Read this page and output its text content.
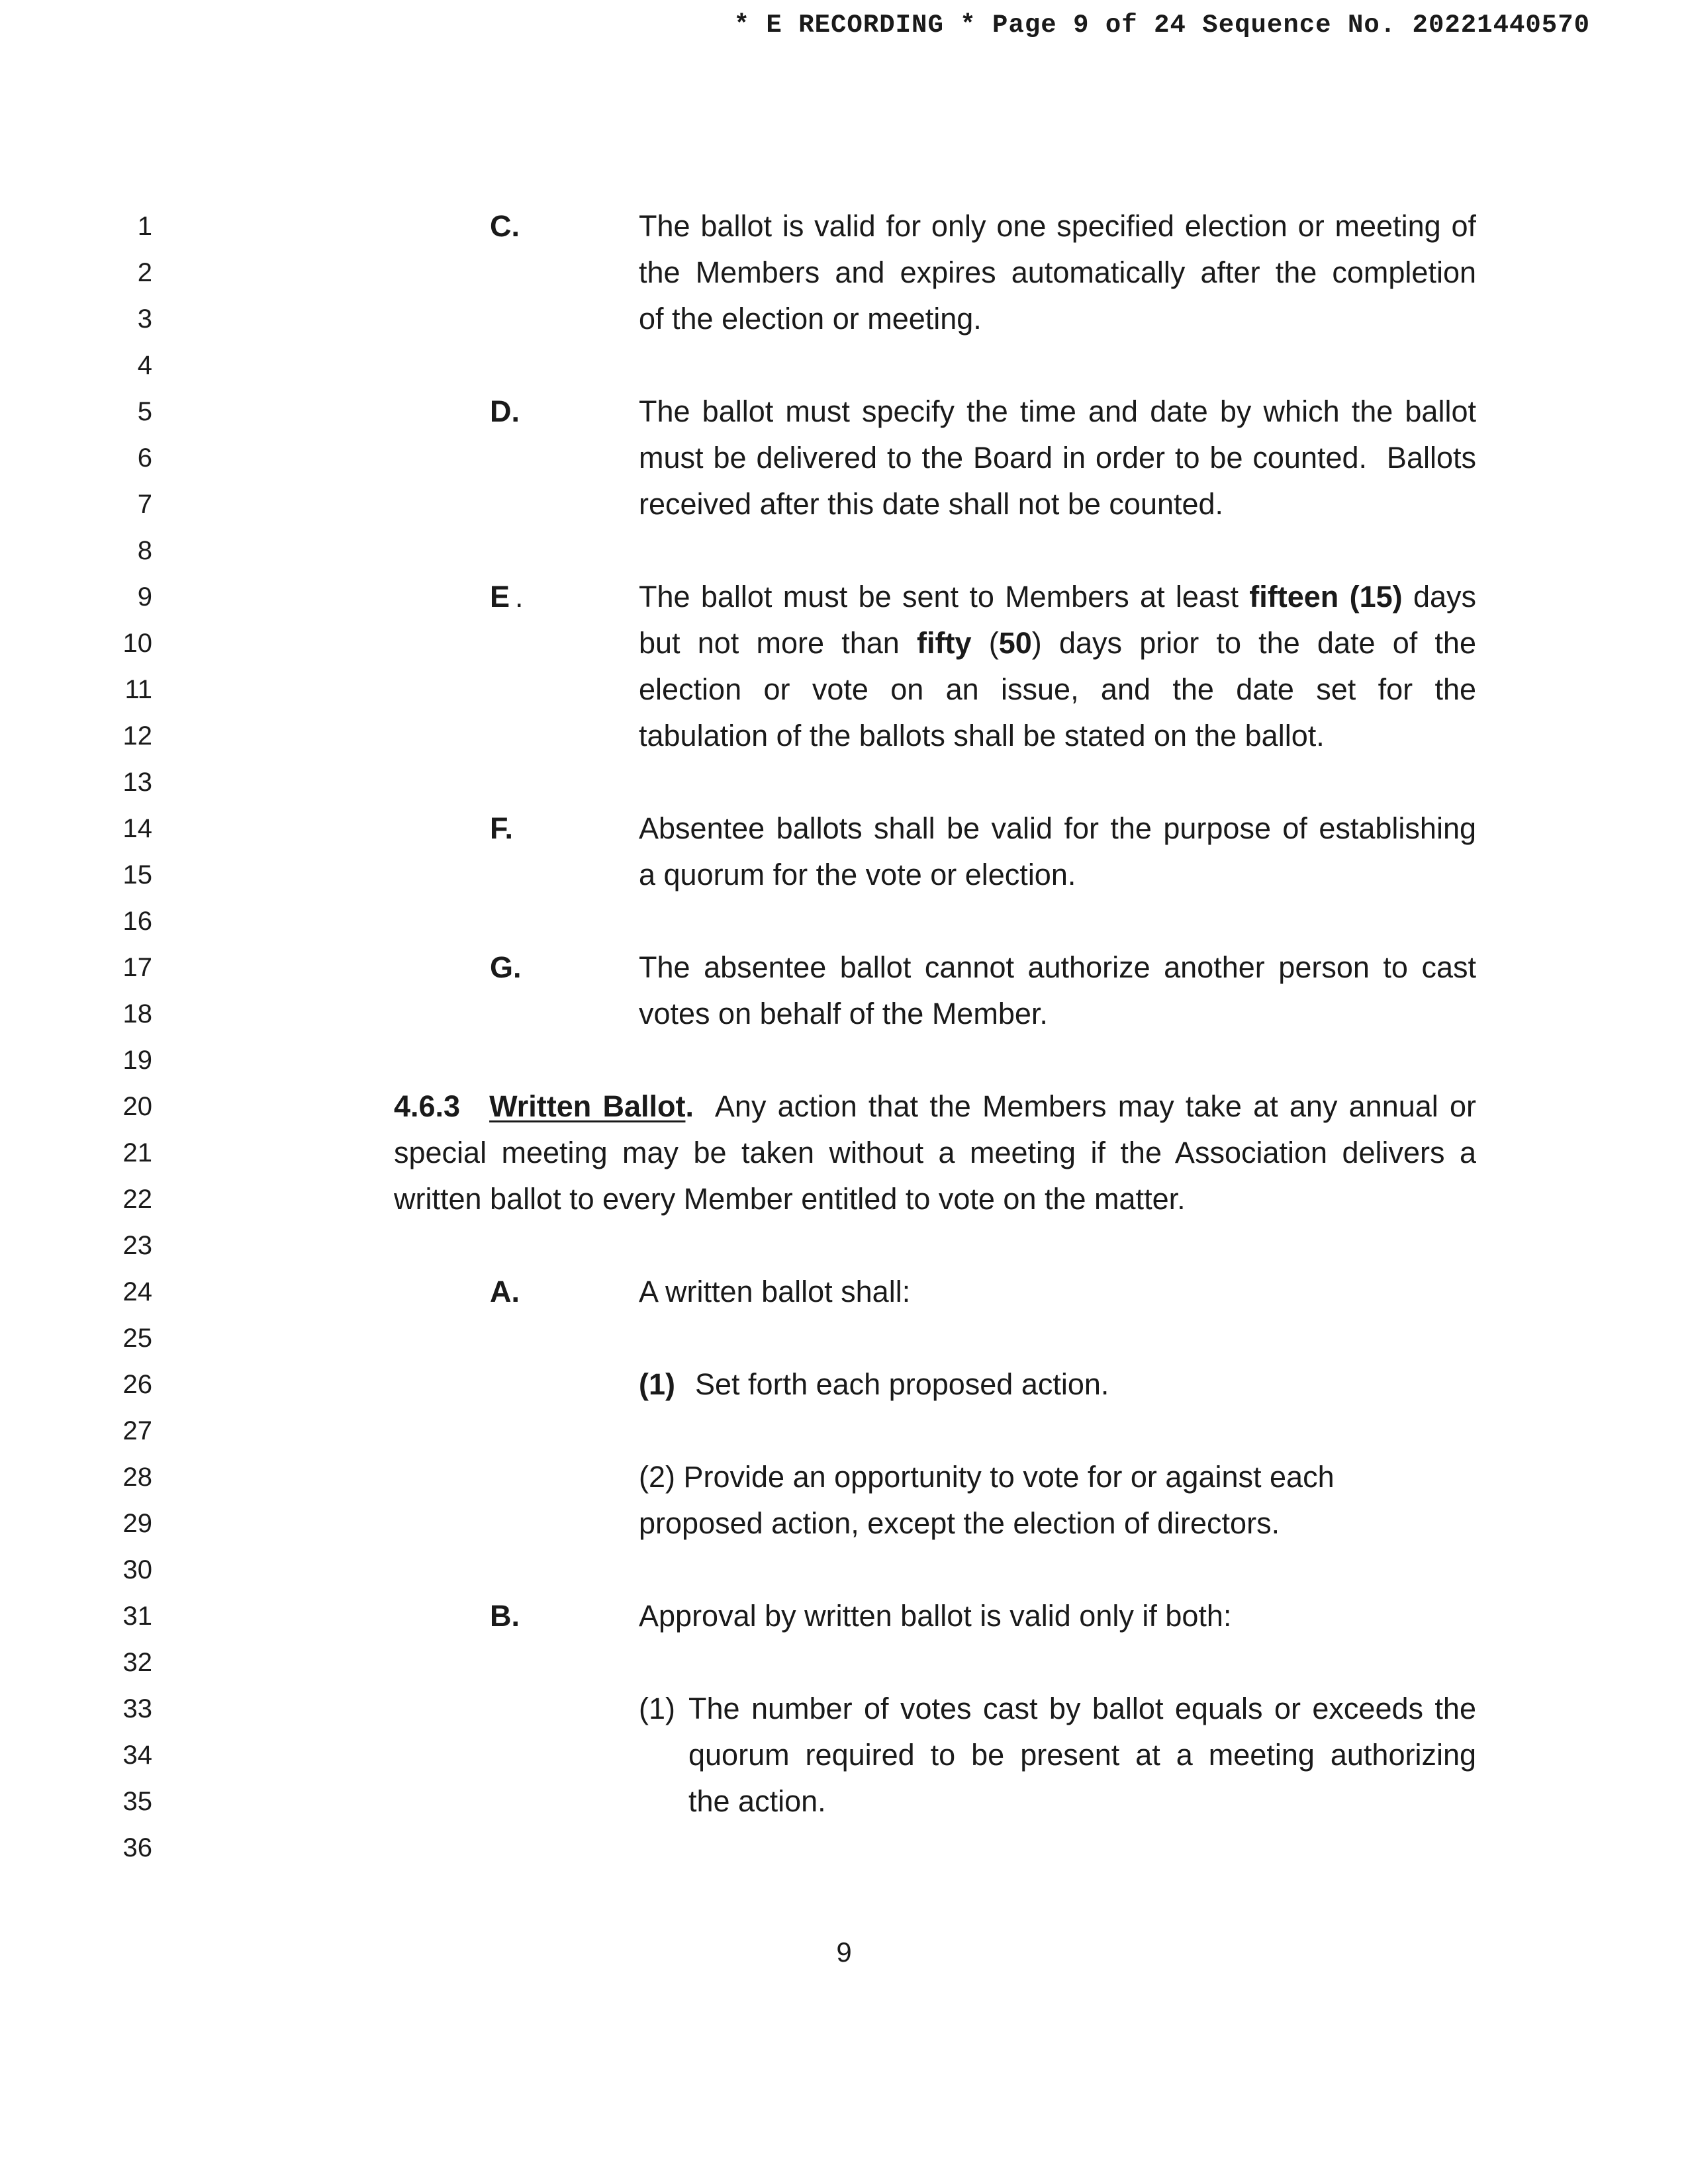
* E RECORDING * Page 9 of 24 Sequence No. 20221440570
1
2
3
4
5
6
7
8
9
10
11
12
13
14
15
16
17
18
19
20
21
22
23
24
25
26
27
28
29
30
31
32
33
34
35
36
C.	The ballot is valid for only one specified election or meeting of
the Members and expires automatically after the completion
of the election or meeting.
D.	The ballot must specify the time and date by which the ballot
must be delivered to the Board in order to be counted.  Ballots
received after this date shall not be counted.
E .	The ballot must be sent to Members at least fifteen (15) days
but not more than fifty (50) days prior to the date of the
election or vote on an issue, and the date set for the
tabulation of the ballots shall be stated on the ballot.
F.	Absentee ballots shall be valid for the purpose of establishing
a quorum for the vote or election.
G.	The absentee ballot cannot authorize another person to cast
votes on behalf of the Member.
4.6.3 Written Ballot.  Any action that the Members may take at any annual or
special meeting may be taken without a meeting if the Association delivers a
written ballot to every Member entitled to vote on the matter.
A.	A written ballot shall:
(1) Set forth each proposed action.
(2) Provide an opportunity to vote for or against each
proposed action, except the election of directors.
B.	Approval by written ballot is valid only if both:
(1) The number of votes cast by ballot equals or exceeds the
quorum required to be present at a meeting authorizing
the action.
9
